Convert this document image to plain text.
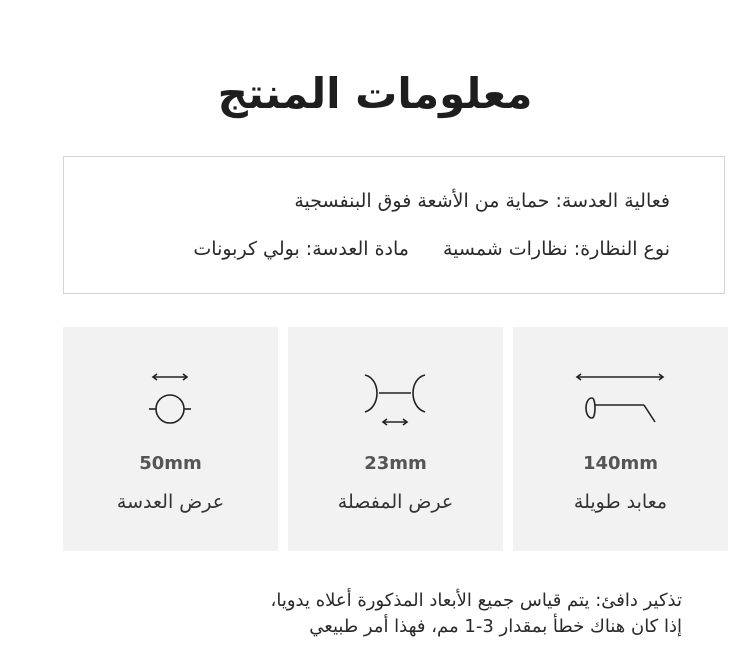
معلومات المنتج
فعالية العدسة: حماية من الأشعة فوق البنفسجية
نوع النظارة: نظارات شمسيةمادة العدسة: بولي كربونات
50mm
عرض العدسة
23mm
عرض المفصلة
140mm
معابد طويلة
تذكير دافئ: يتم قياس جميع الأبعاد المذكورة أعلاه يدويا،
إذا كان هناك خطأ بمقدار 3-1 مم، فهذا أمر طبيعي
